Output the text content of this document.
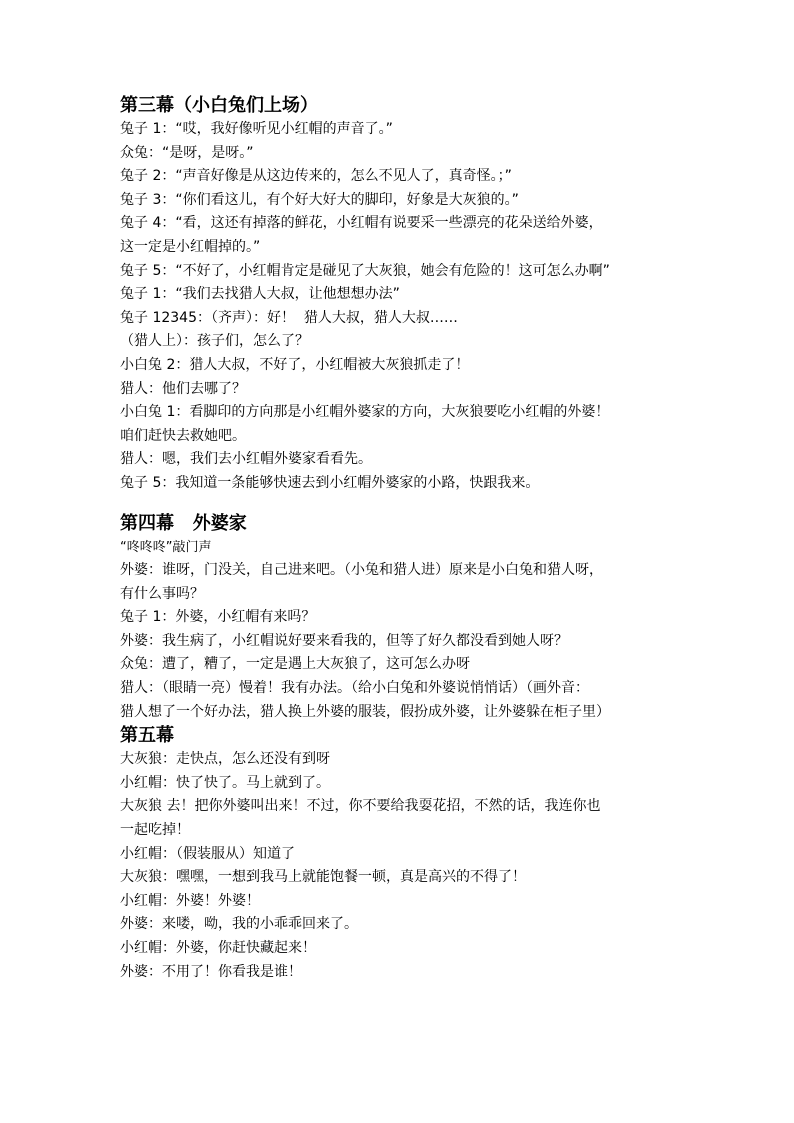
第三幕（小白兔们上场）
兔子 1：“哎，我好像听见小红帽的声音了。”
众兔：“是呀，是呀。”
兔子 2：“声音好像是从这边传来的，怎么不见人了，真奇怪。；”
兔子 3：“你们看这儿，有个好大好大的脚印，好象是大灰狼的。”
兔子 4：“看，这还有掉落的鲜花，小红帽有说要采一些漂亮的花朵送给外婆，
这一定是小红帽掉的。”
兔子 5：“不好了，小红帽肯定是碰见了大灰狼，她会有危险的！这可怎么办啊”
兔子 1：“我们去找猎人大叔，让他想想办法”
兔子 12345：（齐声）：好！  猎人大叔，猎人大叔……
（猎人上）：孩子们，怎么了？
小白兔 2：猎人大叔，不好了，小红帽被大灰狼抓走了！
猎人：他们去哪了？
小白兔 1：看脚印的方向那是小红帽外婆家的方向，大灰狼要吃小红帽的外婆！
咱们赶快去救她吧。
猎人：嗯，我们去小红帽外婆家看看先。
兔子 5：我知道一条能够快速去到小红帽外婆家的小路，快跟我来。
第四幕   外婆家
“咚咚咚”敲门声
外婆：谁呀，门没关，自己进来吧。（小兔和猎人进）原来是小白兔和猎人呀，
有什么事吗？
兔子 1：外婆，小红帽有来吗？
外婆：我生病了，小红帽说好要来看我的，但等了好久都没看到她人呀？
众兔：遭了，糟了，一定是遇上大灰狼了，这可怎么办呀
猎人：（眼睛一亮）慢着！我有办法。（给小白兔和外婆说悄悄话）（画外音：
猎人想了一个好办法，猎人换上外婆的服装，假扮成外婆，让外婆躲在柜子里）
第五幕
大灰狼：走快点，怎么还没有到呀
小红帽：快了快了。马上就到了。
大灰狼 去！把你外婆叫出来！不过，你不要给我耍花招，不然的话，我连你也
一起吃掉！
小红帽：（假装服从）知道了
大灰狼：嘿嘿，一想到我马上就能饱餐一顿，真是高兴的不得了！
小红帽：外婆！外婆！
外婆：来喽，呦，我的小乖乖回来了。
小红帽：外婆，你赶快藏起来！
外婆：不用了！你看我是谁！
